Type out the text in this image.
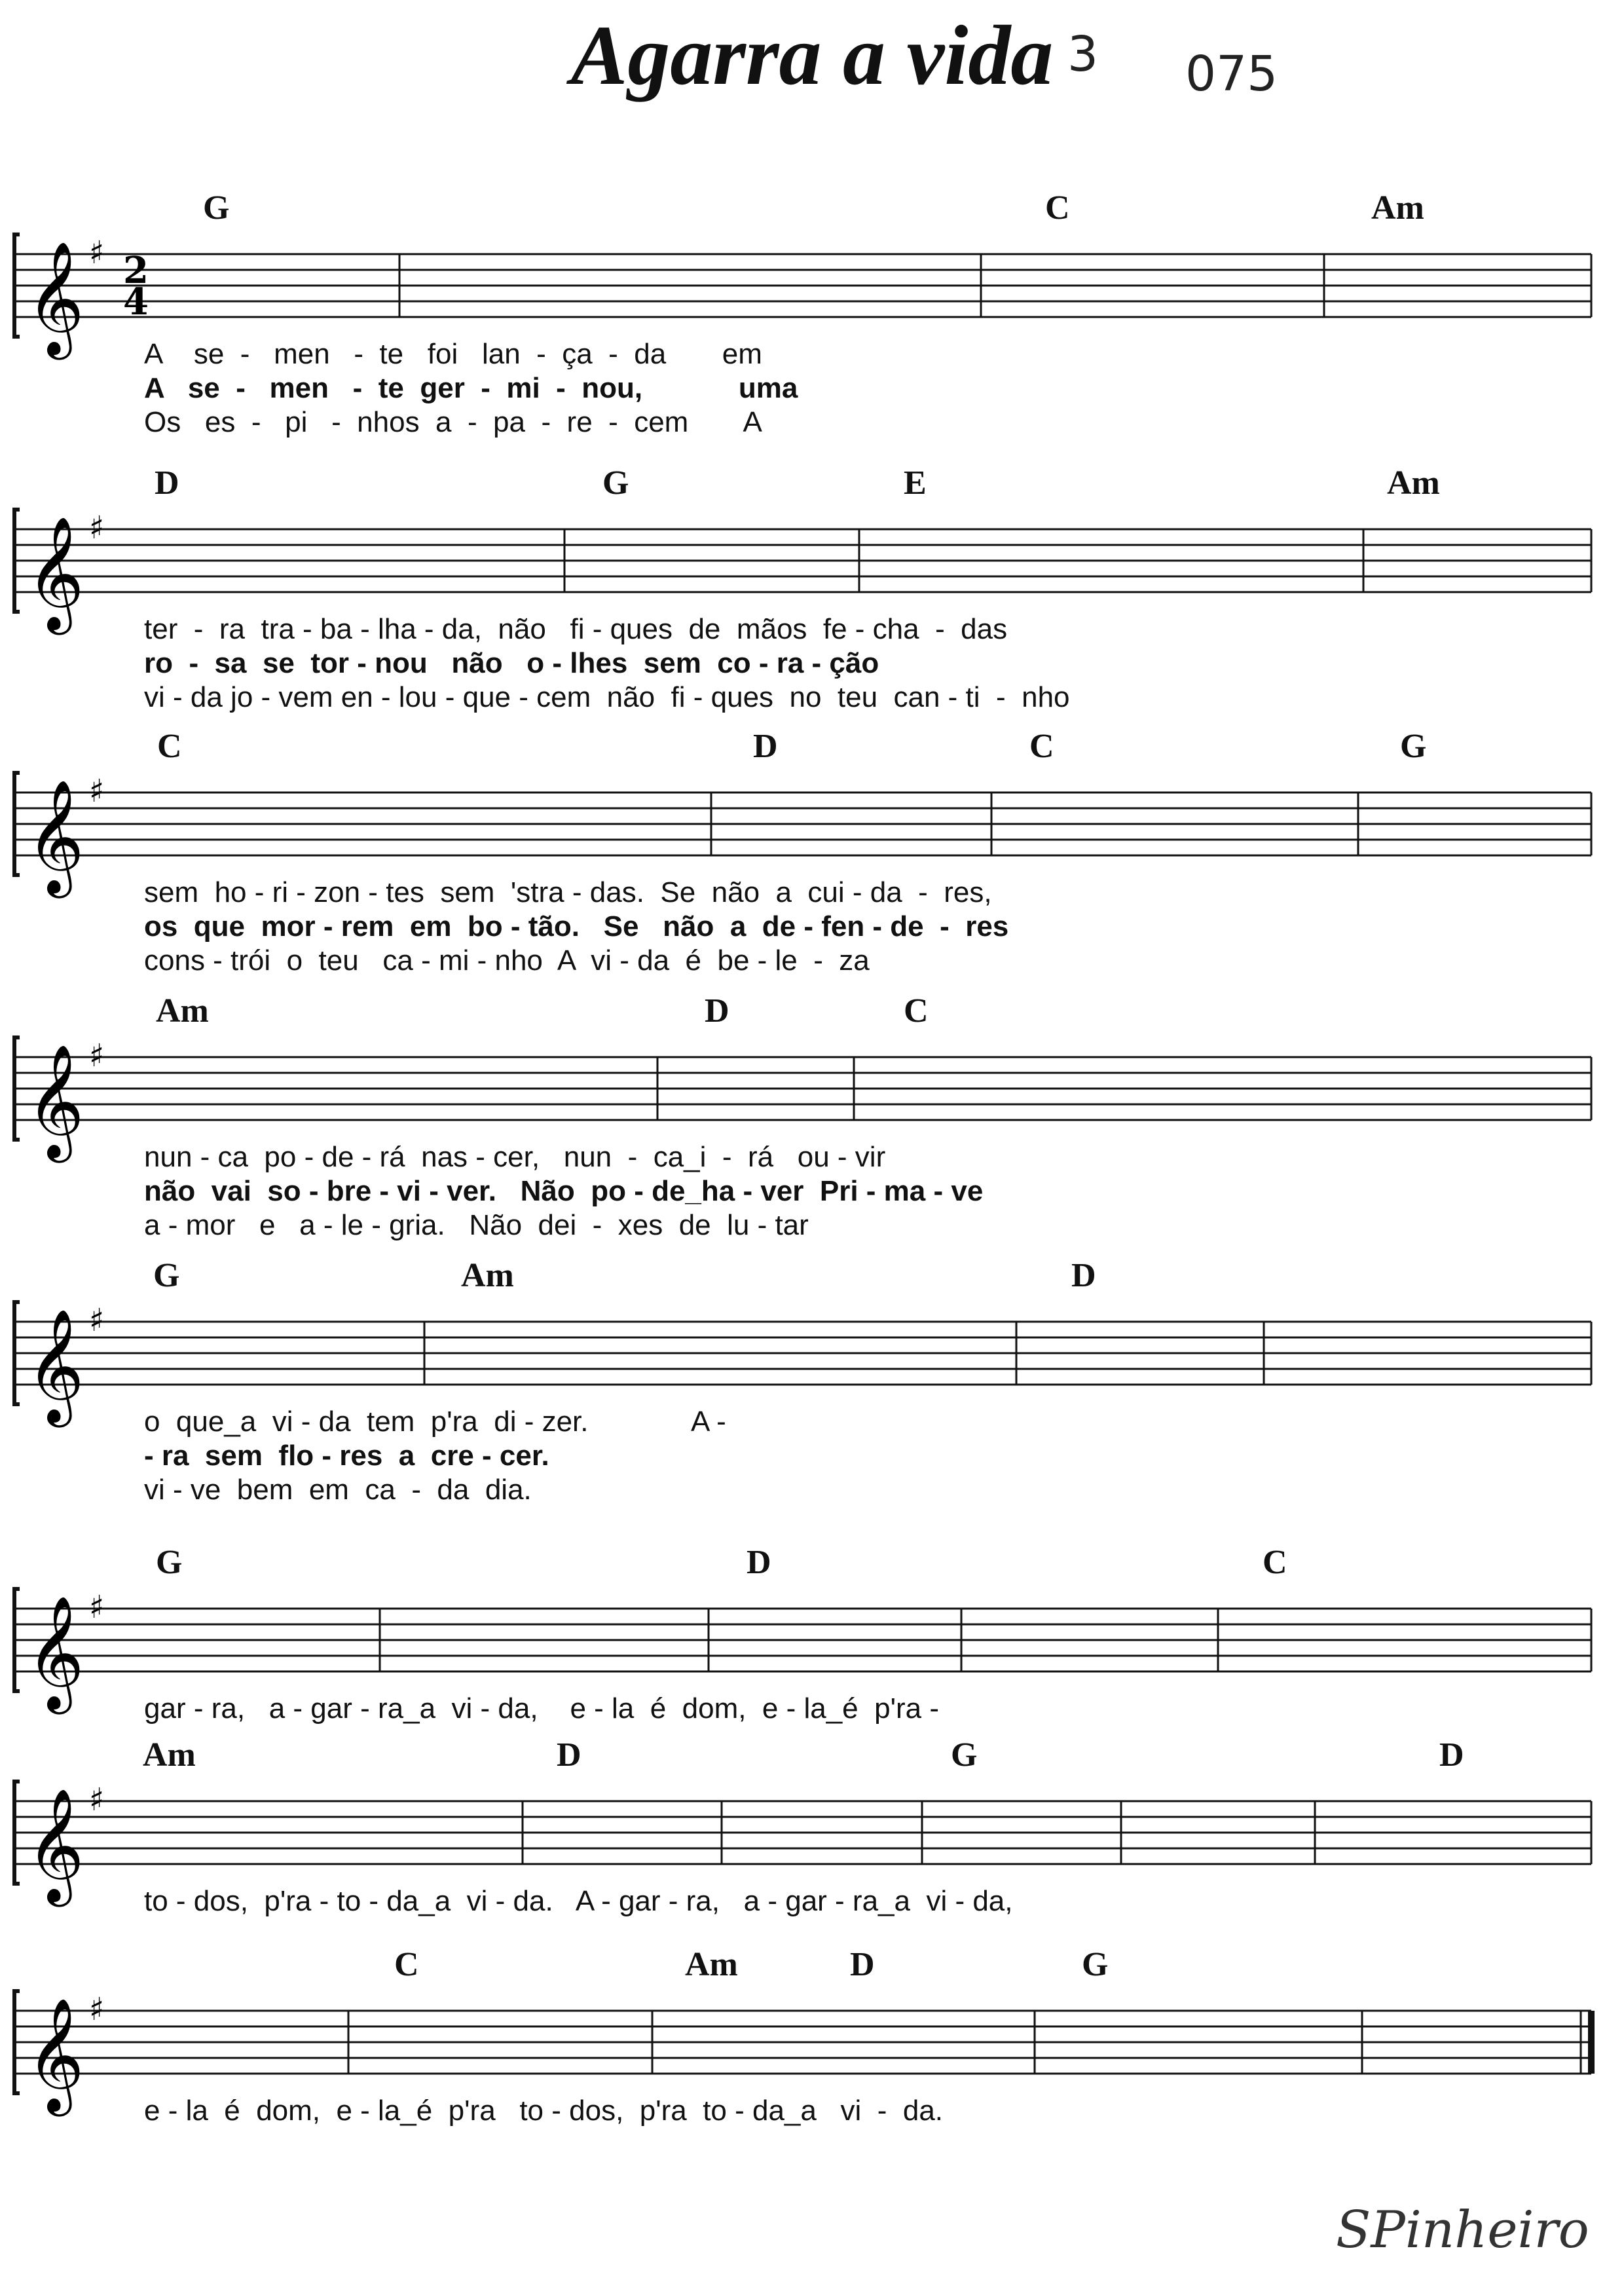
Agarra a vida 3 075
SPinheiro
𝄞 ♯ 2
4
G	C	Am
A    se  -   men   -  te   foi   lan  -  ça  -  da       em
A   se  -   men   -  te  ger  -  mi  -  nou,            uma
Os   es  -   pi   -  nhos  a  -  pa  -  re  -  cem       A
𝄞 ♯
D	G	E	Am
ter  -  ra  tra - ba - lha - da,  não   fi - ques  de  mãos  fe - cha  -  das
ro  -  sa  se  tor - nou   não   o - lhes  sem  co - ra - ção
vi - da jo - vem en - lou - que - cem  não  fi - ques  no  teu  can - ti  -  nho
𝄞 ♯
C	D	C	G
sem  ho - ri - zon - tes  sem  'stra - das.  Se  não  a  cui - da  -  res,
os  que  mor - rem  em  bo - tão.   Se   não  a  de - fen - de  -  res
cons - trói  o  teu   ca - mi - nho  A  vi - da  é  be - le  -  za
𝄞 ♯
Am	D	C
nun - ca  po - de - rá  nas - cer,   nun  -  ca_i  -  rá   ou - vir
não  vai  so - bre - vi - ver.   Não  po - de_ha - ver  Pri - ma - ve
a - mor   e   a - le - gria.   Não  dei  -  xes  de  lu - tar
𝄞 ♯
G	Am	D
o  que_a  vi - da  tem  p'ra  di - zer.             A -
- ra  sem  flo - res  a  cre - cer.
vi - ve  bem  em  ca  -  da  dia.
𝄞 ♯
G	D	C
gar - ra,   a - gar - ra_a  vi - da,    e - la  é  dom,  e - la_é  p'ra -
𝄞 ♯
Am	D	G	D
to - dos,  p'ra - to - da_a  vi - da.   A - gar - ra,   a - gar - ra_a  vi - da,
𝄞 ♯
C	Am	D	G
e - la  é  dom,  e - la_é  p'ra   to - dos,  p'ra  to - da_a   vi  -  da.
